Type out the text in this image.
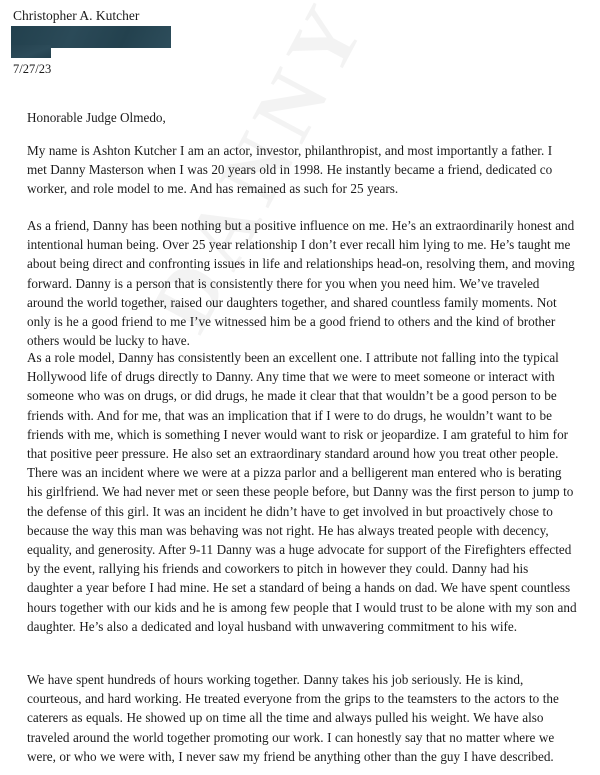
Christopher A. Kutcher
7/27/23
Honorable Judge Olmedo,

My name is Ashton Kutcher I am an actor, investor, philanthropist, and most importantly a father. I met Danny Masterson when I was 20 years old in 1998. He instantly became a friend, dedicated co worker, and role model to me. And has remained as such for 25 years.

As a friend, Danny has been nothing but a positive influence on me. He’s an extraordinarily honest and intentional human being. Over 25 year relationship I don’t ever recall him lying to me. He’s taught me about being direct and confronting issues in life and relationships head-on, resolving them, and moving forward. Danny is a person that is consistently there for you when you need him. We’ve traveled around the world together, raised our daughters together, and shared countless family moments. Not only is he a good friend to me I’ve witnessed him be a good friend to others and the kind of brother others would be lucky to have.

As a role model, Danny has consistently been an excellent one. I attribute not falling into the typical Hollywood life of drugs directly to Danny. Any time that we were to meet someone or interact with someone who was on drugs, or did drugs, he made it clear that that wouldn’t be a good person to be friends with. And for me, that was an implication that if I were to do drugs, he wouldn’t want to be friends with me, which is something I never would want to risk or jeopardize. I am grateful to him for that positive peer pressure. He also set an extraordinary standard around how you treat other people. There was an incident where we were at a pizza parlor and a belligerent man entered who is berating his girlfriend. We had never met or seen these people before, but Danny was the first person to jump to the defense of this girl. It was an incident he didn’t have to get involved in but proactively chose to because the way this man was behaving was not right. He has always treated people with decency, equality, and generosity. After 9-11 Danny was a huge advocate for support of the Firefighters effected by the event, rallying his friends and coworkers to pitch in however they could. Danny had his daughter a year before I had mine. He set a standard of being a hands on dad. We have spent countless hours together with our kids and he is among few people that I would trust to be alone with my son and daughter. He’s also a dedicated and loyal husband with unwavering commitment to his wife.

We have spent hundreds of hours working together. Danny takes his job seriously. He is kind, courteous, and hard working. He treated everyone from the grips to the teamsters to the actors to the caterers as equals. He showed up on time all the time and always pulled his weight. We have also traveled around the world together promoting our work. I can honestly say that no matter where we were, or who we were with, I never saw my friend be anything other than the guy I have described.
